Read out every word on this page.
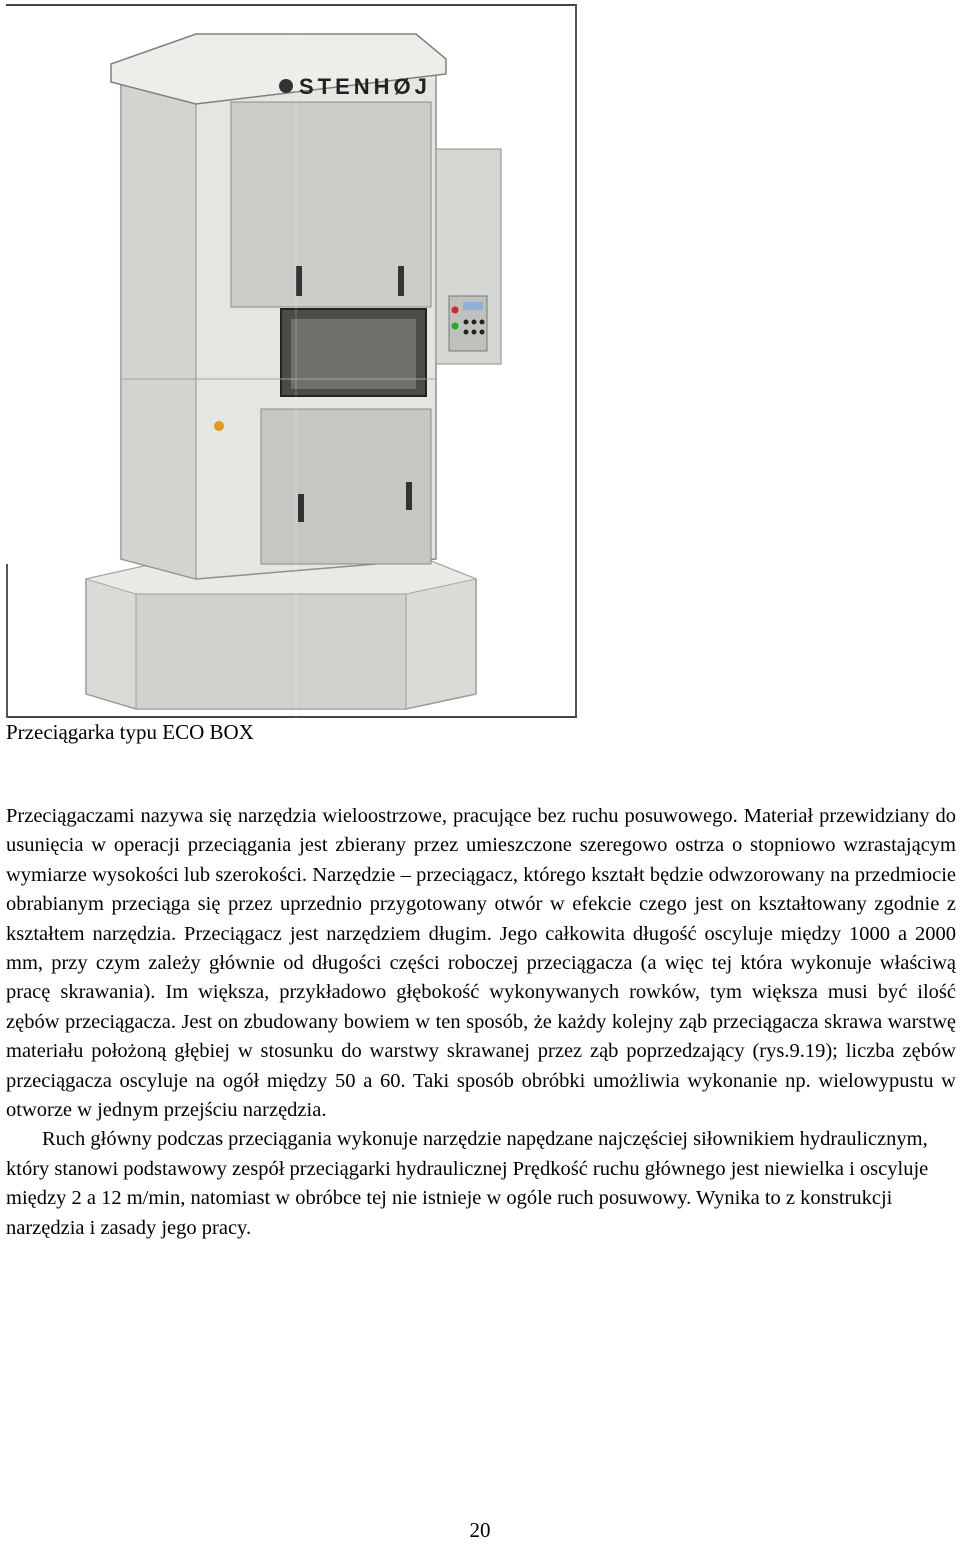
STENHØJ
Przeciągarka typu ECO BOX

Przeciągaczami nazywa się narzędzia wieloostrzowe, pracujące bez ruchu posuwowego. Materiał przewidziany do usunięcia w operacji przeciągania jest zbierany przez umieszczone szeregowo ostrza o stopniowo wzrastającym wymiarze wysokości lub szerokości. Narzędzie – przeciągacz, którego kształt będzie odwzorowany na przedmiocie obrabianym przeciąga się przez uprzednio przygotowany otwór w efekcie czego jest on kształtowany zgodnie z kształtem narzędzia. Przeciągacz jest narzędziem długim. Jego całkowita długość oscyluje między 1000 a 2000 mm, przy czym zależy głównie od długości części roboczej przeciągacza (a więc tej która wykonuje właściwą pracę skrawania). Im większa, przykładowo głębokość wykonywanych rowków, tym większa musi być ilość zębów przeciągacza. Jest on zbudowany bowiem w ten sposób, że każdy kolejny ząb przeciągacza skrawa warstwę materiału położoną głębiej w stosunku do warstwy skrawanej przez ząb poprzedzający (rys.9.19); liczba zębów przeciągacza oscyluje na ogół między 50 a 60. Taki sposób obróbki umożliwia wykonanie np. wielowypustu w otworze w jednym przejściu narzędzia.

Ruch główny podczas przeciągania wykonuje narzędzie napędzane najczęściej siłownikiem hydraulicznym, który stanowi podstawowy zespół przeciągarki hydraulicznej Prędkość ruchu głównego jest niewielka i oscyluje między 2 a 12 m/min, natomiast w obróbce tej nie istnieje w ogóle ruch posuwowy. Wynika to z konstrukcji narzędzia i zasady jego pracy.

20
